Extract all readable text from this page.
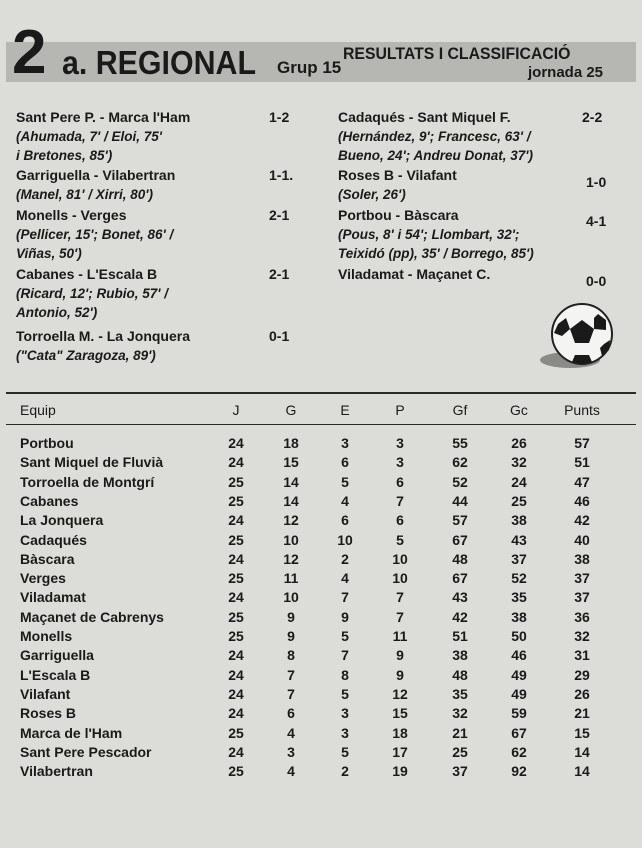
2 a. REGIONAL Grup 15
RESULTATS I CLASSIFICACIÓ
jornada 25
Sant Pere P. - Marca l'Ham	1-2
(Ahumada, 7' / Eloi, 75'
i Bretones, 85')
Garriguella - Vilabertran	1-1.
(Manel, 81' / Xirri, 80')
Monells - Verges	2-1
(Pellicer, 15'; Bonet, 86' /
Viñas, 50')
Cabanes - L'Escala B	2-1
(Ricard, 12'; Rubio, 57' /
Antonio, 52')
Torroella M. - La Jonquera	0-1
("Cata" Zaragoza, 89')
Cadaqués - Sant Miquel F.	2-2
(Hernández, 9'; Francesc, 63' /
Bueno, 24'; Andreu Donat, 37')
Roses B - Vilafant	1-0
(Soler, 26')
Portbou - Bàscara	4-1
(Pous, 8' i 54'; Llombart, 32';
Teixidó (pp), 35' / Borrego, 85')
Viladamat - Maçanet C.	0-0
Equip	J	G	E	P	Gf	Gc	Punts
Portbou	24	18	3	3	55	26	57
Sant Miquel de Fluvià	24	15	6	3	62	32	51
Torroella de Montgrí	25	14	5	6	52	24	47
Cabanes	25	14	4	7	44	25	46
La Jonquera	24	12	6	6	57	38	42
Cadaqués	25	10	10	5	67	43	40
Bàscara	24	12	2	10	48	37	38
Verges	25	11	4	10	67	52	37
Viladamat	24	10	7	7	43	35	37
Maçanet de Cabrenys	25	9	9	7	42	38	36
Monells	25	9	5	11	51	50	32
Garriguella	24	8	7	9	38	46	31
L'Escala B	24	7	8	9	48	49	29
Vilafant	24	7	5	12	35	49	26
Roses B	24	6	3	15	32	59	21
Marca de l'Ham	25	4	3	18	21	67	15
Sant Pere Pescador	24	3	5	17	25	62	14
Vilabertran	25	4	2	19	37	92	14
